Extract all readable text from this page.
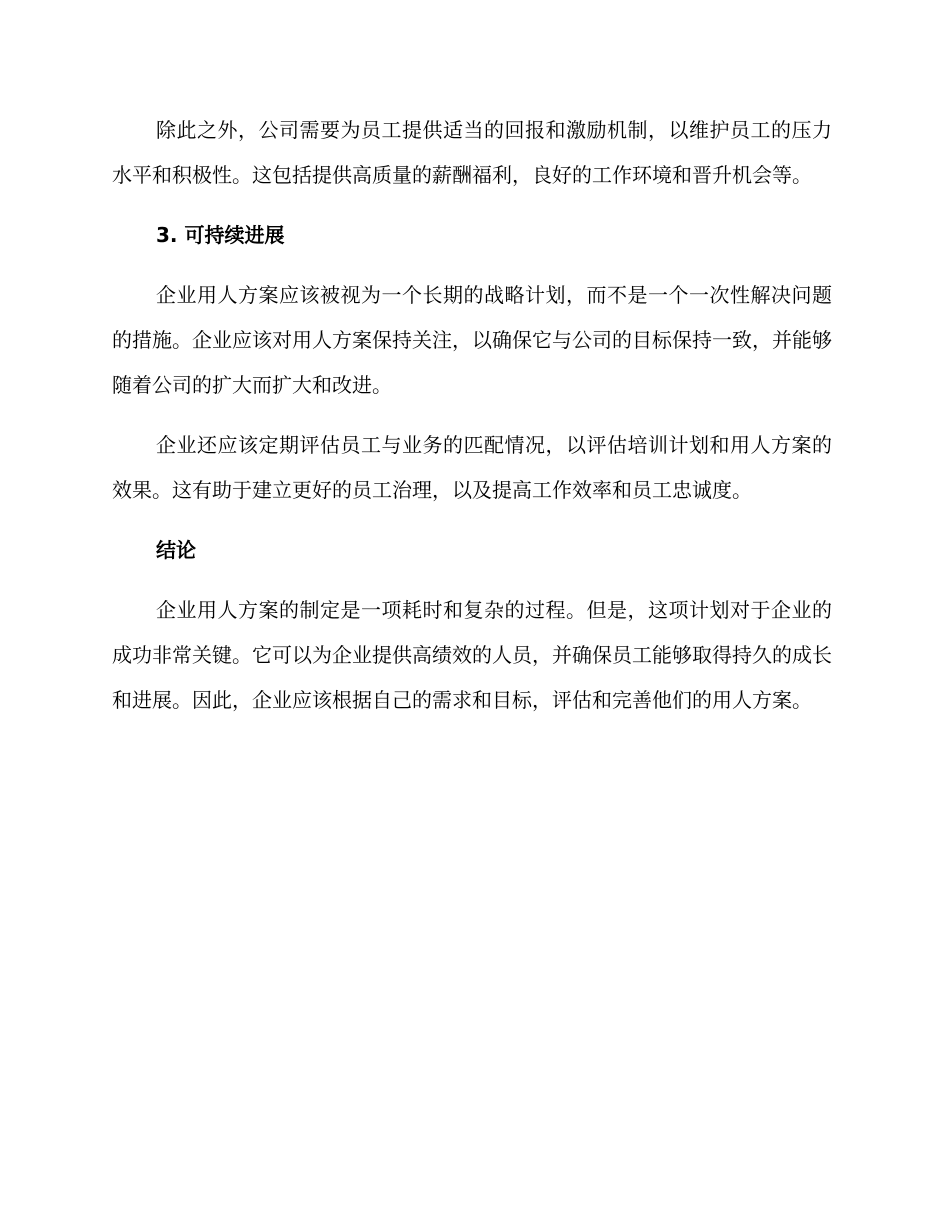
除此之外，公司需要为员工提供适当的回报和激励机制，以维护员工的压力水平和积极性。这包括提供高质量的薪酬福利，良好的工作环境和晋升机会等。

3. 可持续进展

企业用人方案应该被视为一个长期的战略计划，而不是一个一次性解决问题的措施。企业应该对用人方案保持关注，以确保它与公司的目标保持一致，并能够随着公司的扩大而扩大和改进。

企业还应该定期评估员工与业务的匹配情况，以评估培训计划和用人方案的效果。这有助于建立更好的员工治理，以及提高工作效率和员工忠诚度。

结论

企业用人方案的制定是一项耗时和复杂的过程。但是，这项计划对于企业的成功非常关键。它可以为企业提供高绩效的人员，并确保员工能够取得持久的成长和进展。因此，企业应该根据自己的需求和目标，评估和完善他们的用人方案。
